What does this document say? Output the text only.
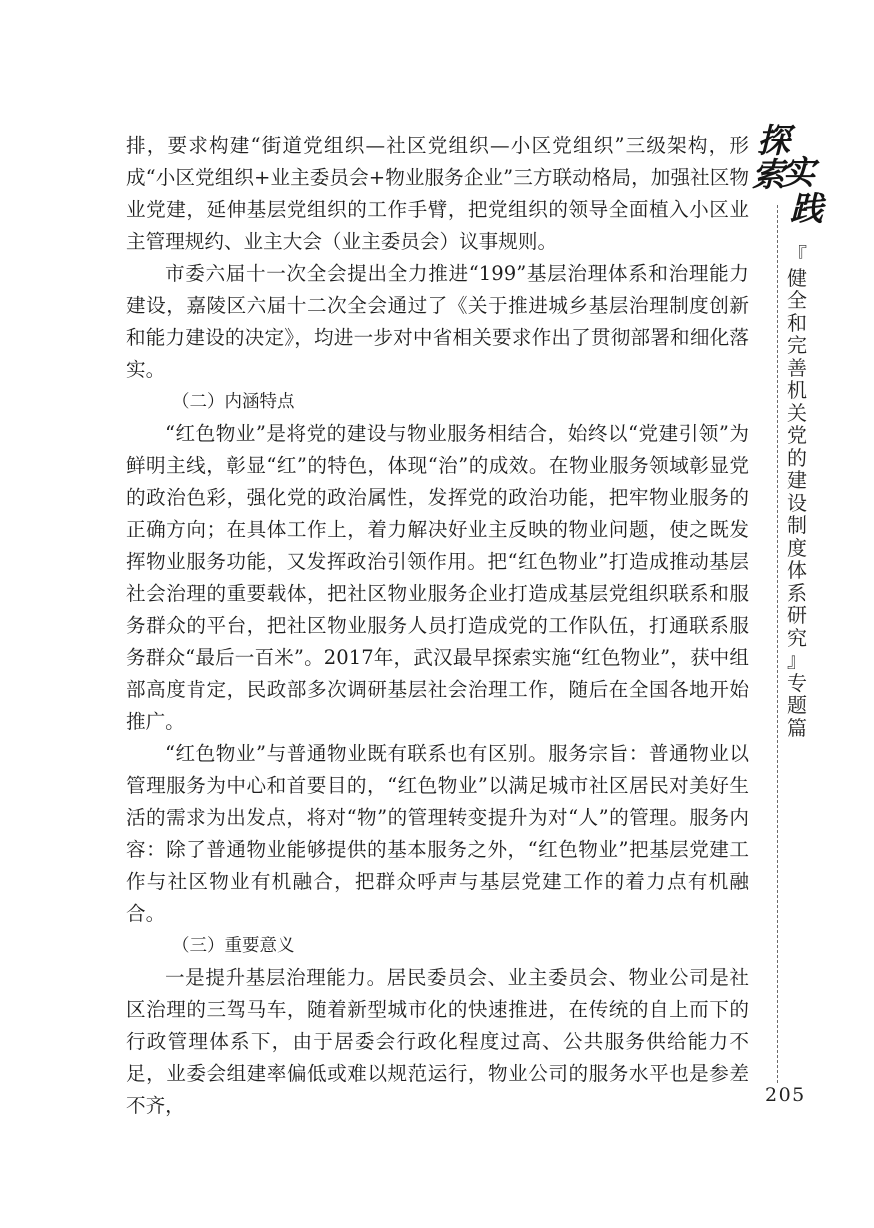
排，要求构建“街道党组织—社区党组织—小区党组织”三级架构，形成“小区党组织+业主委员会+物业服务企业”三方联动格局，加强社区物业党建，延伸基层党组织的工作手臂，把党组织的领导全面植入小区业主管理规约、业主大会（业主委员会）议事规则。

市委六届十一次全会提出全力推进“199”基层治理体系和治理能力建设，嘉陵区六届十二次全会通过了《关于推进城乡基层治理制度创新和能力建设的决定》，均进一步对中省相关要求作出了贯彻部署和细化落实。

（二）内涵特点

“红色物业”是将党的建设与物业服务相结合，始终以“党建引领”为鲜明主线，彰显“红”的特色，体现“治”的成效。在物业服务领域彰显党的政治色彩，强化党的政治属性，发挥党的政治功能，把牢物业服务的正确方向；在具体工作上，着力解决好业主反映的物业问题，使之既发挥物业服务功能，又发挥政治引领作用。把“红色物业”打造成推动基层社会治理的重要载体，把社区物业服务企业打造成基层党组织联系和服务群众的平台，把社区物业服务人员打造成党的工作队伍，打通联系服务群众“最后一百米”。2017年，武汉最早探索实施“红色物业”，获中组部高度肯定，民政部多次调研基层社会治理工作，随后在全国各地开始推广。

“红色物业”与普通物业既有联系也有区别。服务宗旨：普通物业以管理服务为中心和首要目的，“红色物业”以满足城市社区居民对美好生活的需求为出发点，将对“物”的管理转变提升为对“人”的管理。服务内容：除了普通物业能够提供的基本服务之外，“红色物业”把基层党建工作与社区物业有机融合，把群众呼声与基层党建工作的着力点有机融合。

（三）重要意义

一是提升基层治理能力。居民委员会、业主委员会、物业公司是社区治理的三驾马车，随着新型城市化的快速推进，在传统的自上而下的行政管理体系下，由于居委会行政化程度过高、公共服务供给能力不足，业委会组建率偏低或难以规范运行，物业公司的服务水平也是参差不齐，

探
索
实
践
『
健
全
和
完
善
机
关
党
的
建
设
制
度
体
系
研
究
』
专
题
篇
205
